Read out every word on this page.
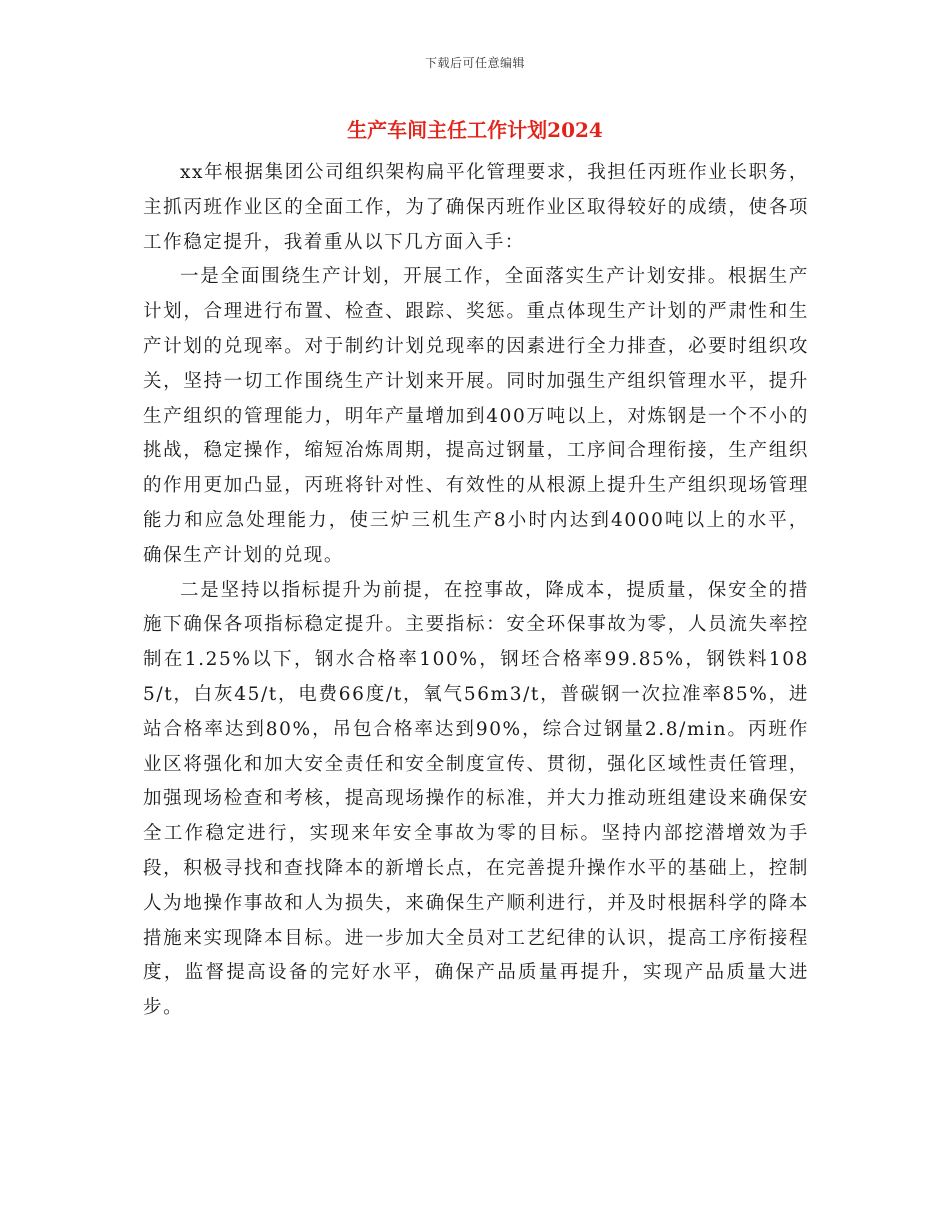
下载后可任意编辑
生产车间主任工作计划2024

xx年根据集团公司组织架构扁平化管理要求，我担任丙班作业长职务，主抓丙班作业区的全面工作，为了确保丙班作业区取得较好的成绩，使各项工作稳定提升，我着重从以下几方面入手：

一是全面围绕生产计划，开展工作，全面落实生产计划安排。根据生产计划，合理进行布置、检查、跟踪、奖惩。重点体现生产计划的严肃性和生产计划的兑现率。对于制约计划兑现率的因素进行全力排查，必要时组织攻关，坚持一切工作围绕生产计划来开展。同时加强生产组织管理水平，提升生产组织的管理能力，明年产量增加到400万吨以上，对炼钢是一个不小的挑战，稳定操作，缩短冶炼周期，提高过钢量，工序间合理衔接，生产组织的作用更加凸显，丙班将针对性、有效性的从根源上提升生产组织现场管理能力和应急处理能力，使三炉三机生产8小时内达到4000吨以上的水平，确保生产计划的兑现。

二是坚持以指标提升为前提，在控事故，降成本，提质量，保安全的措施下确保各项指标稳定提升。主要指标：安全环保事故为零，人员流失率控制在1.25%以下，钢水合格率100%，钢坯合格率99.85%，钢铁料1085/t，白灰45/t，电费66度/t，氧气56m3/t，普碳钢一次拉准率85%，进站合格率达到80%，吊包合格率达到90%，综合过钢量2.8/min。丙班作业区将强化和加大安全责任和安全制度宣传、贯彻，强化区域性责任管理，加强现场检查和考核，提高现场操作的标准，并大力推动班组建设来确保安全工作稳定进行，实现来年安全事故为零的目标。坚持内部挖潜增效为手段，积极寻找和查找降本的新增长点，在完善提升操作水平的基础上，控制人为地操作事故和人为损失，来确保生产顺利进行，并及时根据科学的降本措施来实现降本目标。进一步加大全员对工艺纪律的认识，提高工序衔接程度，监督提高设备的完好水平，确保产品质量再提升，实现产品质量大进步。
